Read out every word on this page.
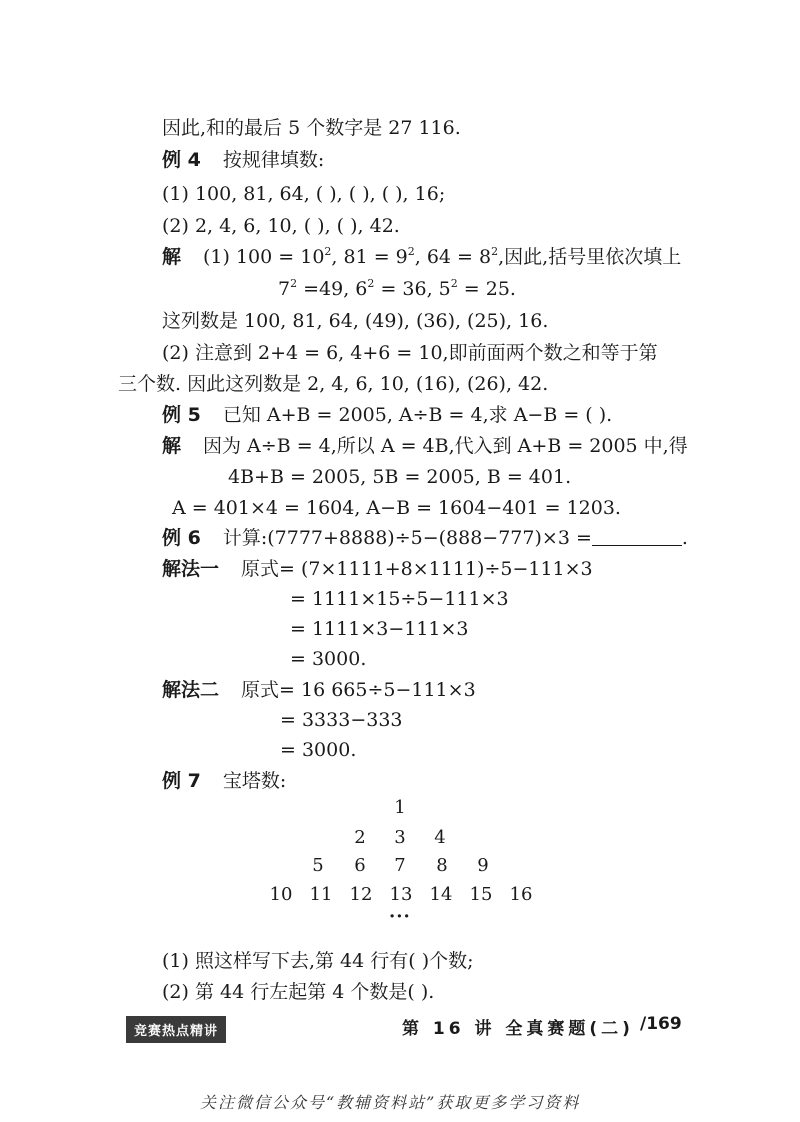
因此,和的最后 5 个数字是 27 116.
例 4 按规律填数:
(1) 100, 81, 64, ( ), ( ), ( ), 16;
(2) 2, 4, 6, 10, ( ), ( ), 42.
解 (1) $100 = 10^2$, $81 = 9^2$, $64 = 8^2$,因此,括号里依次填上
$7^2 =49$, $6^2 = 36$, $5^2 = 25$.
这列数是 100, 81, 64, (49), (36), (25), 16.
(2) 注意到 2+4 = 6, 4+6 = 10,即前面两个数之和等于第
三个数. 因此这列数是 2, 4, 6, 10, (16), (26), 42.
例 5 已知 A+B = 2005, A÷B = 4,求 A−B = ( ).
解 因为 A÷B = 4,所以 A = 4B,代入到 A+B = 2005 中,得
4B+B = 2005, 5B = 2005, B = 401.
A = 401×4 = 1604, A−B = 1604−401 = 1203.
例 6 计算:(7777+8888)÷5−(888−777)×3 =	.
解法一 原式= (7×1111+8×1111)÷5−111×3
= 1111×15÷5−111×3
= 1111×3−111×3
= 3000.
解法二 原式= 16 665÷5−111×3
= 3333−333
= 3000.
例 7 宝塔数:
1
2	3	4
5	6	7	8	9
10 11 12 13 14 15 16
···
(1) 照这样写下去,第 44 行有( )个数;
(2) 第 44 行左起第 4 个数是( ).
竞赛热点精讲	第 16 讲 全真赛题(二) /169
关注微信公众号“教辅资料站”获取更多学习资料
